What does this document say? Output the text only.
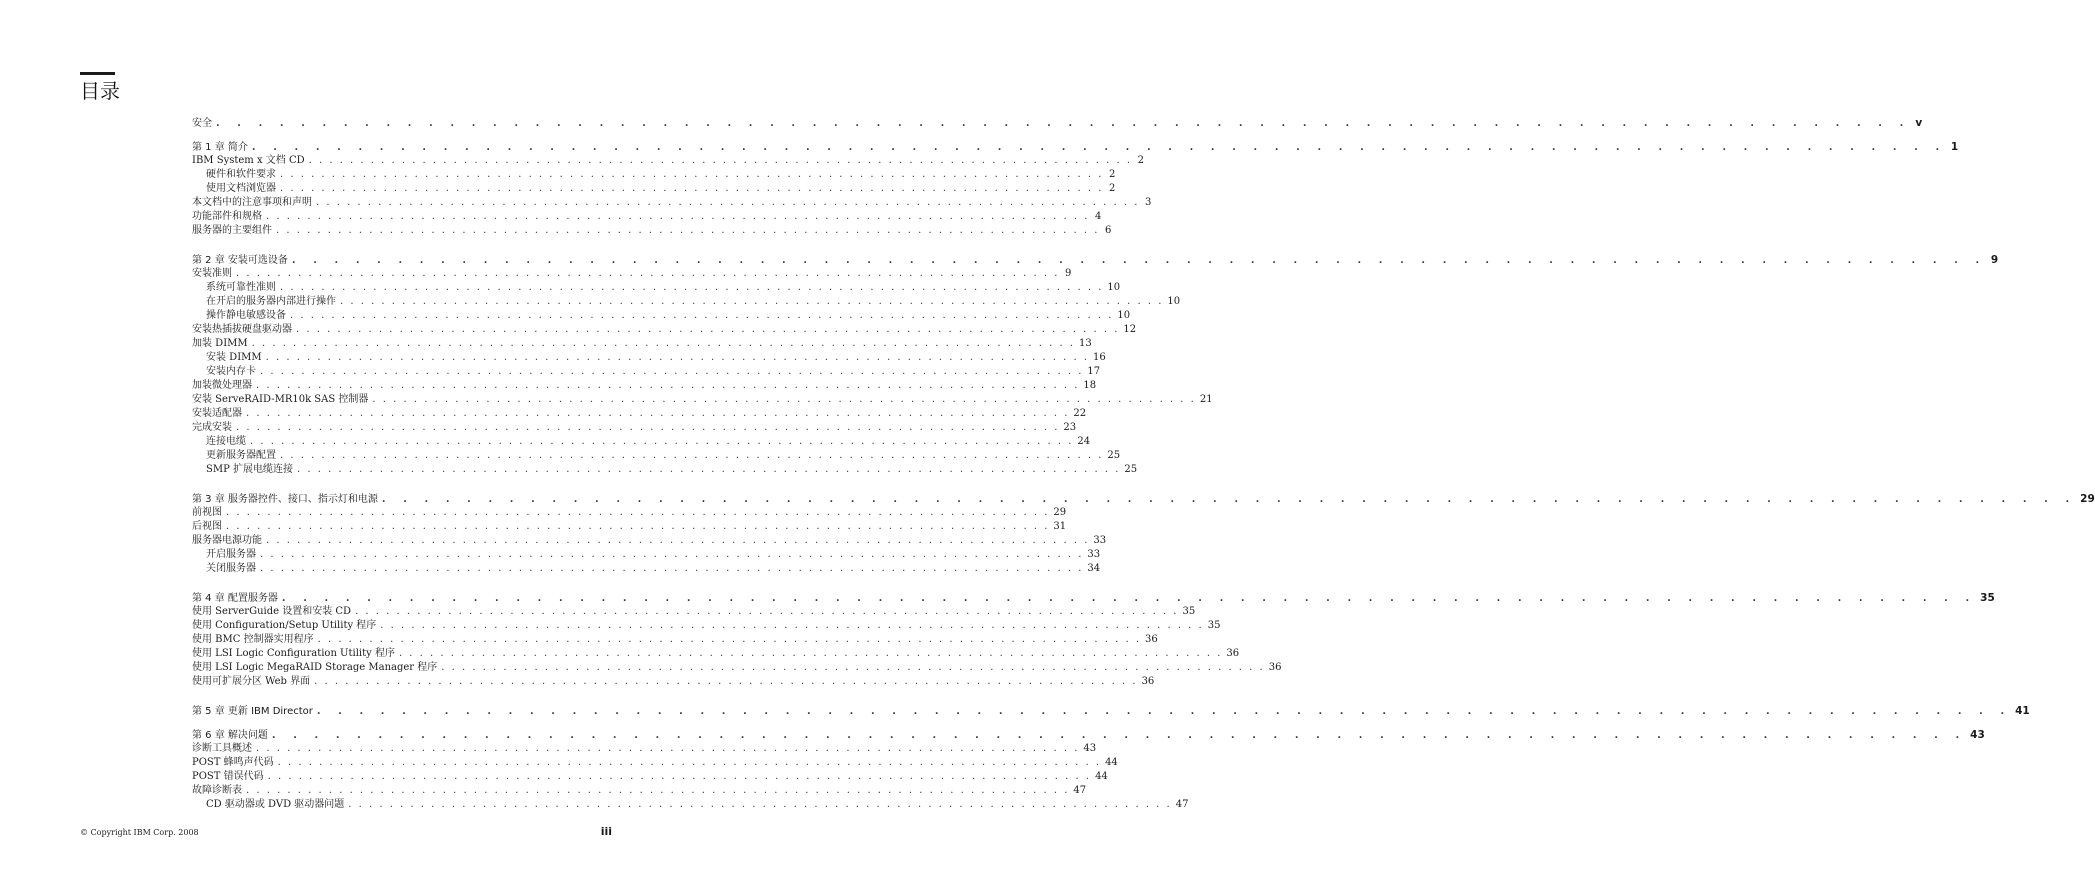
目录
安全 . . . . . . . . . . . . . . . . . . . . . . . . . . . . . . . . . . . . . . . . . . . . . . . . . . . . . . . . . . . . . . . . . . . . . . . . . . . . . . . . v
第 1 章 简介 . . . . . . . . . . . . . . . . . . . . . . . . . . . . . . . . . . . . . . . . . . . . . . . . . . . . . . . . . . . . . . . . . . . . . . . . . . . . . . . . 1
IBM System x 文档 CD . . . . . . . . . . . . . . . . . . . . . . . . . . . . . . . . . . . . . . . . . . . . . . . . . . . . . . . . . . . . . . . . . . . . . . . . . . . . . . . . 2
硬件和软件要求 . . . . . . . . . . . . . . . . . . . . . . . . . . . . . . . . . . . . . . . . . . . . . . . . . . . . . . . . . . . . . . . . . . . . . . . . . . . . . . . . 2
使用文档浏览器 . . . . . . . . . . . . . . . . . . . . . . . . . . . . . . . . . . . . . . . . . . . . . . . . . . . . . . . . . . . . . . . . . . . . . . . . . . . . . . . . 2
本文档中的注意事项和声明 . . . . . . . . . . . . . . . . . . . . . . . . . . . . . . . . . . . . . . . . . . . . . . . . . . . . . . . . . . . . . . . . . . . . . . . . . . . . . . . . 3
功能部件和规格 . . . . . . . . . . . . . . . . . . . . . . . . . . . . . . . . . . . . . . . . . . . . . . . . . . . . . . . . . . . . . . . . . . . . . . . . . . . . . . . . 4
服务器的主要组件 . . . . . . . . . . . . . . . . . . . . . . . . . . . . . . . . . . . . . . . . . . . . . . . . . . . . . . . . . . . . . . . . . . . . . . . . . . . . . . . . 6
第 2 章 安装可选设备 . . . . . . . . . . . . . . . . . . . . . . . . . . . . . . . . . . . . . . . . . . . . . . . . . . . . . . . . . . . . . . . . . . . . . . . . . . . . . . . . 9
安装准则 . . . . . . . . . . . . . . . . . . . . . . . . . . . . . . . . . . . . . . . . . . . . . . . . . . . . . . . . . . . . . . . . . . . . . . . . . . . . . . . . 9
系统可靠性准则 . . . . . . . . . . . . . . . . . . . . . . . . . . . . . . . . . . . . . . . . . . . . . . . . . . . . . . . . . . . . . . . . . . . . . . . . . . . . . . . . 10
在开启的服务器内部进行操作 . . . . . . . . . . . . . . . . . . . . . . . . . . . . . . . . . . . . . . . . . . . . . . . . . . . . . . . . . . . . . . . . . . . . . . . . . . . . . . . . 10
操作静电敏感设备 . . . . . . . . . . . . . . . . . . . . . . . . . . . . . . . . . . . . . . . . . . . . . . . . . . . . . . . . . . . . . . . . . . . . . . . . . . . . . . . . 10
安装热插拔硬盘驱动器 . . . . . . . . . . . . . . . . . . . . . . . . . . . . . . . . . . . . . . . . . . . . . . . . . . . . . . . . . . . . . . . . . . . . . . . . . . . . . . . . 12
加装 DIMM . . . . . . . . . . . . . . . . . . . . . . . . . . . . . . . . . . . . . . . . . . . . . . . . . . . . . . . . . . . . . . . . . . . . . . . . . . . . . . . . 13
安装 DIMM . . . . . . . . . . . . . . . . . . . . . . . . . . . . . . . . . . . . . . . . . . . . . . . . . . . . . . . . . . . . . . . . . . . . . . . . . . . . . . . . 16
安装内存卡 . . . . . . . . . . . . . . . . . . . . . . . . . . . . . . . . . . . . . . . . . . . . . . . . . . . . . . . . . . . . . . . . . . . . . . . . . . . . . . . . 17
加装微处理器 . . . . . . . . . . . . . . . . . . . . . . . . . . . . . . . . . . . . . . . . . . . . . . . . . . . . . . . . . . . . . . . . . . . . . . . . . . . . . . . . 18
安装 ServeRAID-MR10k SAS 控制器 . . . . . . . . . . . . . . . . . . . . . . . . . . . . . . . . . . . . . . . . . . . . . . . . . . . . . . . . . . . . . . . . . . . . . . . . . . . . . . . . 21
安装适配器 . . . . . . . . . . . . . . . . . . . . . . . . . . . . . . . . . . . . . . . . . . . . . . . . . . . . . . . . . . . . . . . . . . . . . . . . . . . . . . . . 22
完成安装 . . . . . . . . . . . . . . . . . . . . . . . . . . . . . . . . . . . . . . . . . . . . . . . . . . . . . . . . . . . . . . . . . . . . . . . . . . . . . . . . 23
连接电缆 . . . . . . . . . . . . . . . . . . . . . . . . . . . . . . . . . . . . . . . . . . . . . . . . . . . . . . . . . . . . . . . . . . . . . . . . . . . . . . . . 24
更新服务器配置 . . . . . . . . . . . . . . . . . . . . . . . . . . . . . . . . . . . . . . . . . . . . . . . . . . . . . . . . . . . . . . . . . . . . . . . . . . . . . . . . 25
SMP 扩展电缆连接 . . . . . . . . . . . . . . . . . . . . . . . . . . . . . . . . . . . . . . . . . . . . . . . . . . . . . . . . . . . . . . . . . . . . . . . . . . . . . . . . 25
第 3 章 服务器控件、接口、指示灯和电源 . . . . . . . . . . . . . . . . . . . . . . . . . . . . . . . . . . . . . . . . . . . . . . . . . . . . . . . . . . . . . . . . . . . . . . . . . . . . . . . . 29
前视图 . . . . . . . . . . . . . . . . . . . . . . . . . . . . . . . . . . . . . . . . . . . . . . . . . . . . . . . . . . . . . . . . . . . . . . . . . . . . . . . . 29
后视图 . . . . . . . . . . . . . . . . . . . . . . . . . . . . . . . . . . . . . . . . . . . . . . . . . . . . . . . . . . . . . . . . . . . . . . . . . . . . . . . . 31
服务器电源功能 . . . . . . . . . . . . . . . . . . . . . . . . . . . . . . . . . . . . . . . . . . . . . . . . . . . . . . . . . . . . . . . . . . . . . . . . . . . . . . . . 33
开启服务器 . . . . . . . . . . . . . . . . . . . . . . . . . . . . . . . . . . . . . . . . . . . . . . . . . . . . . . . . . . . . . . . . . . . . . . . . . . . . . . . . 33
关闭服务器 . . . . . . . . . . . . . . . . . . . . . . . . . . . . . . . . . . . . . . . . . . . . . . . . . . . . . . . . . . . . . . . . . . . . . . . . . . . . . . . . 34
第 4 章 配置服务器 . . . . . . . . . . . . . . . . . . . . . . . . . . . . . . . . . . . . . . . . . . . . . . . . . . . . . . . . . . . . . . . . . . . . . . . . . . . . . . . . 35
使用 ServerGuide 设置和安装 CD . . . . . . . . . . . . . . . . . . . . . . . . . . . . . . . . . . . . . . . . . . . . . . . . . . . . . . . . . . . . . . . . . . . . . . . . . . . . . . . . 35
使用 Configuration/Setup Utility 程序 . . . . . . . . . . . . . . . . . . . . . . . . . . . . . . . . . . . . . . . . . . . . . . . . . . . . . . . . . . . . . . . . . . . . . . . . . . . . . . . . 35
使用 BMC 控制器实用程序 . . . . . . . . . . . . . . . . . . . . . . . . . . . . . . . . . . . . . . . . . . . . . . . . . . . . . . . . . . . . . . . . . . . . . . . . . . . . . . . . 36
使用 LSI Logic Configuration Utility 程序 . . . . . . . . . . . . . . . . . . . . . . . . . . . . . . . . . . . . . . . . . . . . . . . . . . . . . . . . . . . . . . . . . . . . . . . . . . . . . . . . 36
使用 LSI Logic MegaRAID Storage Manager 程序 . . . . . . . . . . . . . . . . . . . . . . . . . . . . . . . . . . . . . . . . . . . . . . . . . . . . . . . . . . . . . . . . . . . . . . . . . . . . . . . . 36
使用可扩展分区 Web 界面 . . . . . . . . . . . . . . . . . . . . . . . . . . . . . . . . . . . . . . . . . . . . . . . . . . . . . . . . . . . . . . . . . . . . . . . . . . . . . . . . 36
第 5 章 更新 IBM Director . . . . . . . . . . . . . . . . . . . . . . . . . . . . . . . . . . . . . . . . . . . . . . . . . . . . . . . . . . . . . . . . . . . . . . . . . . . . . . . . 41
第 6 章 解决问题 . . . . . . . . . . . . . . . . . . . . . . . . . . . . . . . . . . . . . . . . . . . . . . . . . . . . . . . . . . . . . . . . . . . . . . . . . . . . . . . . 43
诊断工具概述 . . . . . . . . . . . . . . . . . . . . . . . . . . . . . . . . . . . . . . . . . . . . . . . . . . . . . . . . . . . . . . . . . . . . . . . . . . . . . . . . 43
POST 蜂鸣声代码 . . . . . . . . . . . . . . . . . . . . . . . . . . . . . . . . . . . . . . . . . . . . . . . . . . . . . . . . . . . . . . . . . . . . . . . . . . . . . . . . 44
POST 错误代码 . . . . . . . . . . . . . . . . . . . . . . . . . . . . . . . . . . . . . . . . . . . . . . . . . . . . . . . . . . . . . . . . . . . . . . . . . . . . . . . . 44
故障诊断表 . . . . . . . . . . . . . . . . . . . . . . . . . . . . . . . . . . . . . . . . . . . . . . . . . . . . . . . . . . . . . . . . . . . . . . . . . . . . . . . . 47
CD 驱动器或 DVD 驱动器问题 . . . . . . . . . . . . . . . . . . . . . . . . . . . . . . . . . . . . . . . . . . . . . . . . . . . . . . . . . . . . . . . . . . . . . . . . . . . . . . . . 47
© Copyright IBM Corp. 2008	iii
